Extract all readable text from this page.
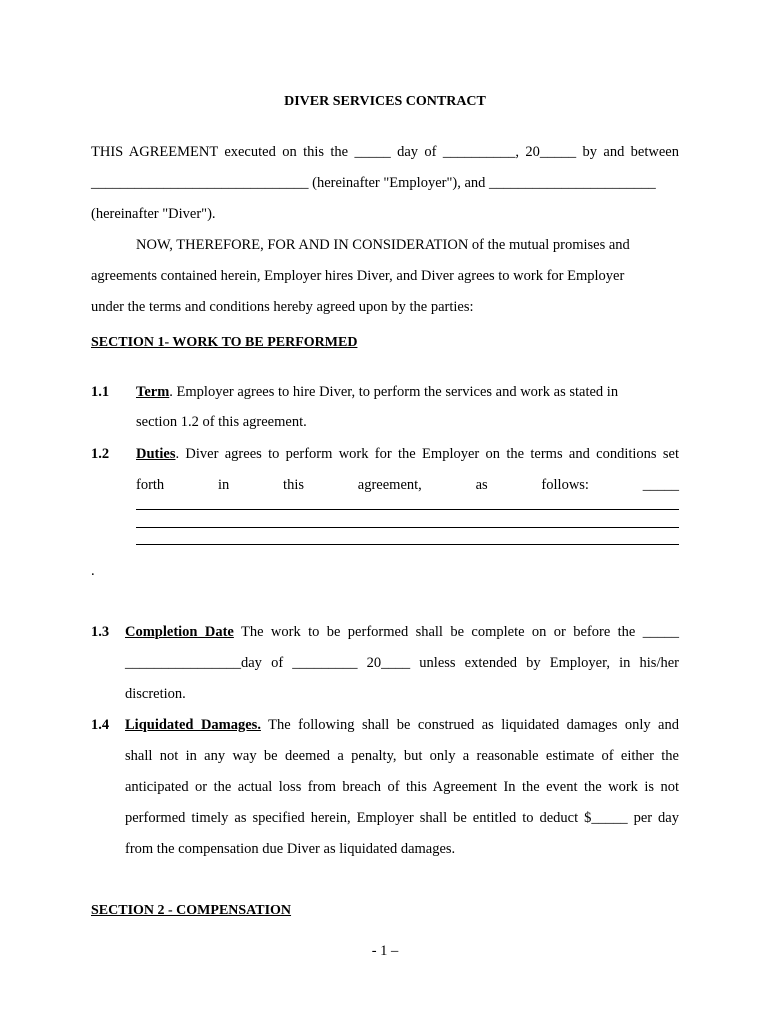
DIVER SERVICES CONTRACT
THIS AGREEMENT executed on this the _____ day of __________, 20_____ by and between
______________________________ (hereinafter "Employer"), and _______________________
(hereinafter "Diver").
NOW, THEREFORE, FOR AND IN CONSIDERATION of the mutual promises and
agreements contained herein, Employer hires Diver, and Diver agrees to work for Employer
under the terms and conditions hereby agreed upon by the parties:
SECTION 1- WORK TO BE PERFORMED
1.1 Term. Employer agrees to hire Diver, to perform the services and work as stated in
section 1.2 of this agreement.
1.2 Duties. Diver agrees to perform work for the Employer on the terms and conditions set
forth in this agreement, as follows: _____
.
1.3 Completion Date The work to be performed shall be complete on or before the _____
________________day of _________ 20____ unless extended by Employer, in his/her
discretion.
1.4 Liquidated Damages. The following shall be construed as liquidated damages only and
shall not in any way be deemed a penalty, but only a reasonable estimate of either the
anticipated or the actual loss from breach of this Agreement In the event the work is not
performed timely as specified herein, Employer shall be entitled to deduct $_____ per day
from the compensation due Diver as liquidated damages.
SECTION 2 - COMPENSATION
- 1 –
